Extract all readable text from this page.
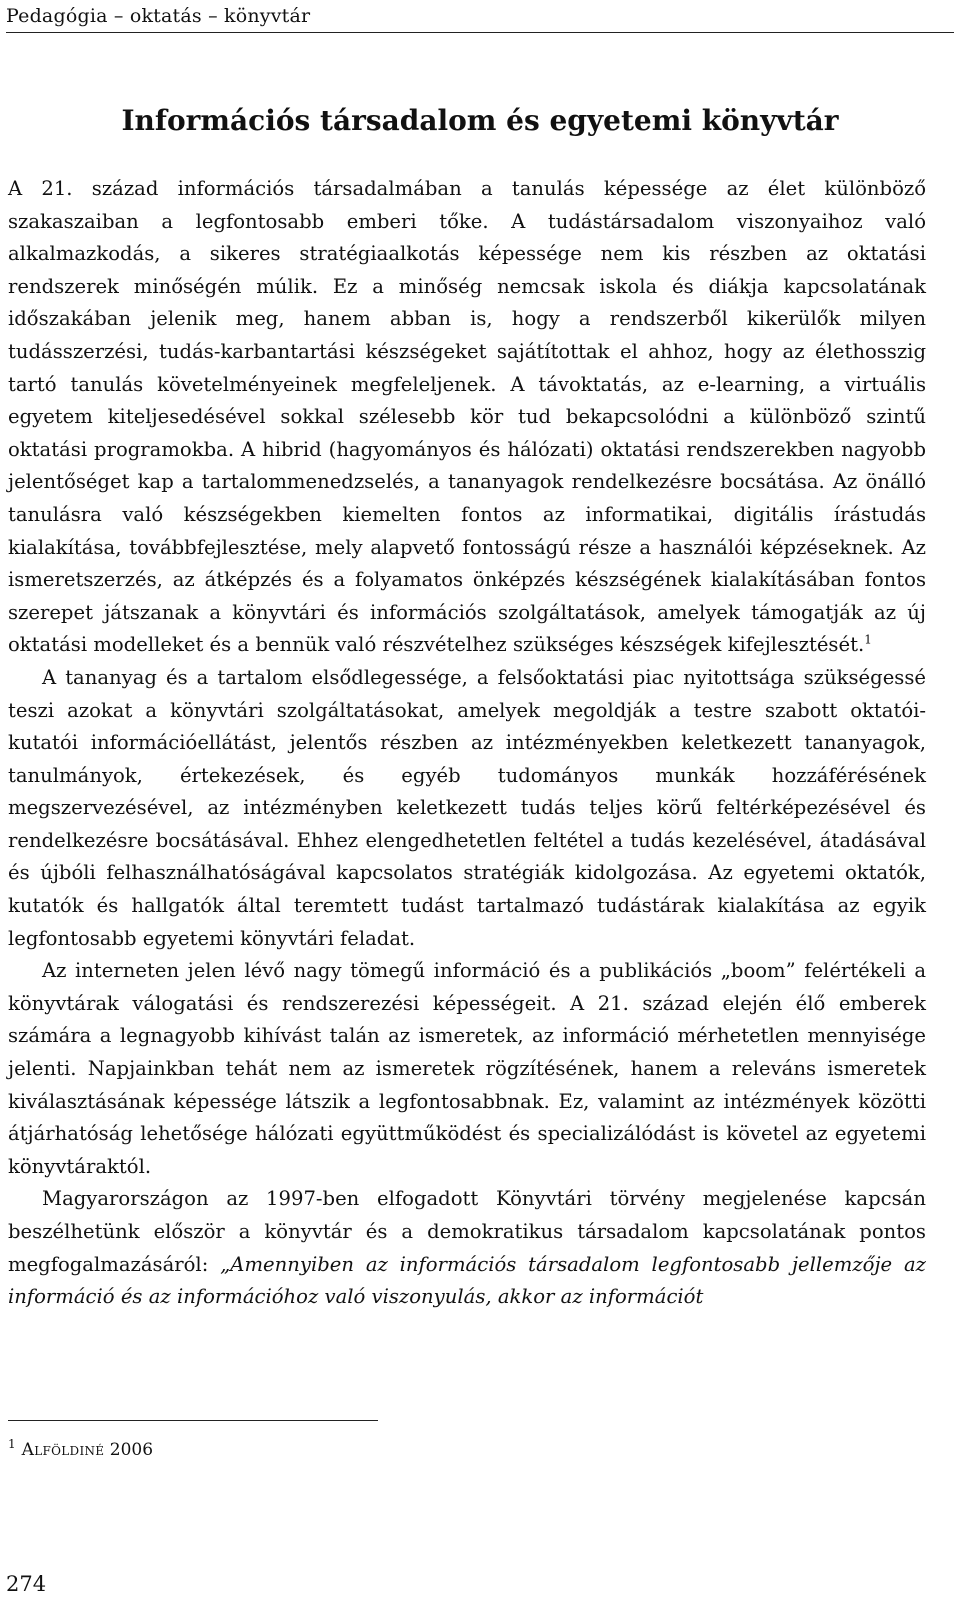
Pedagógia – oktatás – könyvtár
Információs társadalom és egyetemi könyvtár

A 21. század információs társadalmában a tanulás képessége az élet különböző szakaszaiban a legfontosabb emberi tőke. A tudástársadalom viszonyaihoz való alkalmazkodás, a sikeres stratégiaalkotás képessége nem kis részben az oktatási rendszerek minőségén múlik. Ez a minőség nemcsak iskola és diákja kapcsolatának időszakában jelenik meg, hanem abban is, hogy a rendszerből kikerülők milyen tudásszerzési, tudás-karbantartási készségeket sajátítottak el ahhoz, hogy az élethosszig tartó tanulás követelményeinek megfeleljenek. A távoktatás, az e-learning, a virtuális egyetem kiteljesedésével sokkal szélesebb kör tud bekapcsolódni a különböző szintű oktatási programokba. A hibrid (hagyományos és hálózati) oktatási rendszerekben nagyobb jelentőséget kap a tartalommenedzselés, a tananyagok rendelkezésre bocsátása. Az önálló tanulásra való készségekben kiemelten fontos az informatikai, digitális írástudás kialakítása, továbbfejlesztése, mely alapvető fontosságú része a használói képzéseknek. Az ismeretszerzés, az átképzés és a folyamatos önképzés készségének kialakításában fontos szerepet játszanak a könyvtári és információs szolgáltatások, amelyek támogatják az új oktatási modelleket és a bennük való részvételhez szükséges készségek kifejlesztését.$^1$

A tananyag és a tartalom elsődlegessége, a felsőoktatási piac nyitottsága szükségessé teszi azokat a könyvtári szolgáltatásokat, amelyek megoldják a testre szabott oktatói-kutatói információellátást, jelentős részben az intézményekben keletkezett tananyagok, tanulmányok, értekezések, és egyéb tudományos munkák hozzáférésének megszervezésével, az intézményben keletkezett tudás teljes körű feltérképezésével és rendelkezésre bocsátásával. Ehhez elengedhetetlen feltétel a tudás kezelésével, átadásával és újbóli felhasználhatóságával kapcsolatos stratégiák kidolgozása. Az egyetemi oktatók, kutatók és hallgatók által teremtett tudást tartalmazó tudástárak kialakítása az egyik legfontosabb egyetemi könyvtári feladat.

Az interneten jelen lévő nagy tömegű információ és a publikációs „boom” felértékeli a könyvtárak válogatási és rendszerezési képességeit. A 21. század elején élő emberek számára a legnagyobb kihívást talán az ismeretek, az információ mérhetetlen mennyisége jelenti. Napjainkban tehát nem az ismeretek rögzítésének, hanem a releváns ismeretek kiválasztásának képessége látszik a legfontosabbnak. Ez, valamint az intézmények közötti átjárhatóság lehetősége hálózati együttműködést és specializálódást is követel az egyetemi könyvtáraktól.

Magyarországon az 1997-ben elfogadott Könyvtári törvény megjelenése kapcsán beszélhetünk először a könyvtár és a demokratikus társadalom kapcsolatának pontos megfogalmazásáról: „Amennyiben az információs társadalom legfontosabb jellemzője az információ és az információhoz való viszonyulás, akkor az információt

$^1$ Alföldiné 2006
274
